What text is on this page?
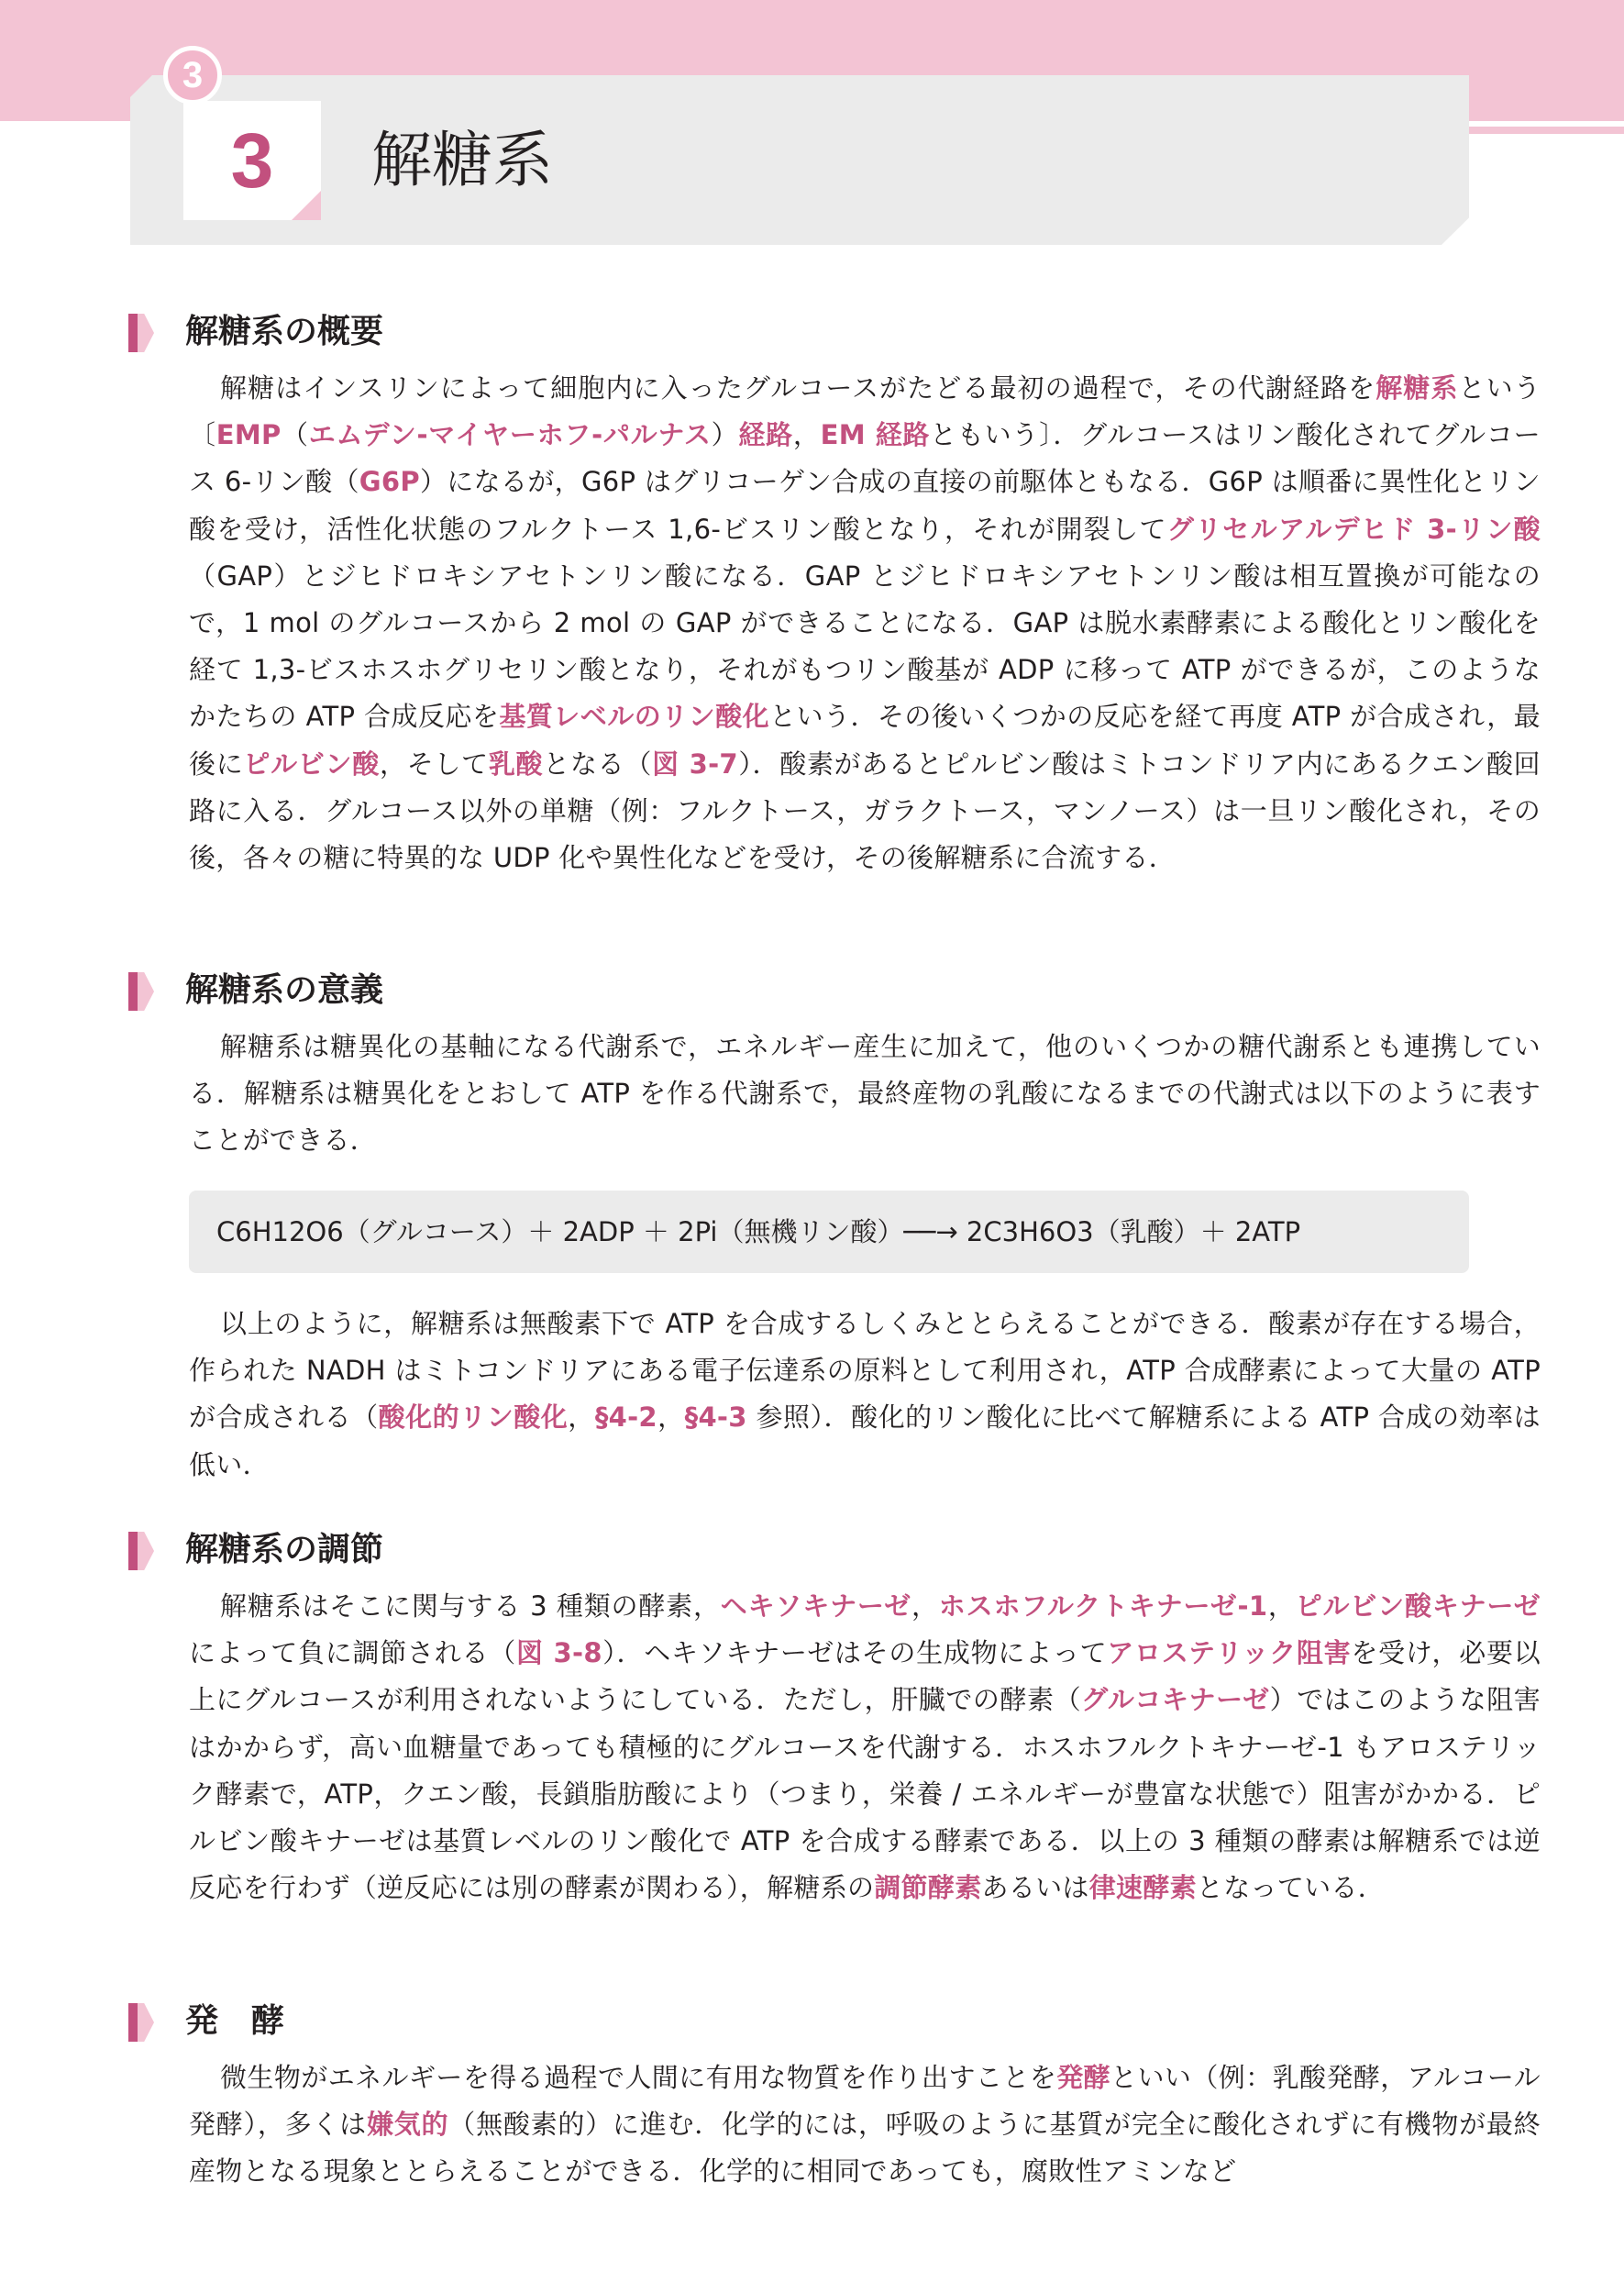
3
3	解糖系
解糖系の概要

解糖はインスリンによって細胞内に入ったグルコースがたどる最初の過程で，その代謝経路を解糖系という〔EMP（エムデン-マイヤーホフ-パルナス）経路，EM 経路ともいう〕．グルコースはリン酸化されてグルコース 6-リン酸（G6P）になるが，G6P はグリコーゲン合成の直接の前駆体ともなる．G6P は順番に異性化とリン酸を受け，活性化状態のフルクトース 1,6-ビスリン酸となり，それが開裂してグリセルアルデヒド 3-リン酸（GAP）とジヒドロキシアセトンリン酸になる．GAP とジヒドロキシアセトンリン酸は相互置換が可能なので，1 mol のグルコースから 2 mol の GAP ができることになる．GAP は脱水素酵素による酸化とリン酸化を経て 1,3-ビスホスホグリセリン酸となり，それがもつリン酸基が ADP に移って ATP ができるが，このようなかたちの ATP 合成反応を基質レベルのリン酸化という．その後いくつかの反応を経て再度 ATP が合成され，最後にピルビン酸，そして乳酸となる（図 3-7）．酸素があるとピルビン酸はミトコンドリア内にあるクエン酸回路に入る．グルコース以外の単糖（例：フルクトース，ガラクトース，マンノース）は一旦リン酸化され，その後，各々の糖に特異的な UDP 化や異性化などを受け，その後解糖系に合流する．

解糖系の意義

解糖系は糖異化の基軸になる代謝系で，エネルギー産生に加えて，他のいくつかの糖代謝系とも連携している．解糖系は糖異化をとおして ATP を作る代謝系で，最終産物の乳酸になるまでの代謝式は以下のように表すことができる．

C6H12O6（グルコース）＋ 2ADP ＋ 2Pi（無機リン酸）──→ 2C3H6O3（乳酸）＋ 2ATP

以上のように，解糖系は無酸素下で ATP を合成するしくみととらえることができる．酸素が存在する場合，作られた NADH はミトコンドリアにある電子伝達系の原料として利用され，ATP 合成酵素によって大量の ATP が合成される（酸化的リン酸化，§4-2，§4-3 参照）．酸化的リン酸化に比べて解糖系による ATP 合成の効率は低い．

解糖系の調節

解糖系はそこに関与する 3 種類の酵素，ヘキソキナーゼ，ホスホフルクトキナーゼ-1，ピルビン酸キナーゼによって負に調節される（図 3-8）．ヘキソキナーゼはその生成物によってアロステリック阻害を受け，必要以上にグルコースが利用されないようにしている．ただし，肝臓での酵素（グルコキナーゼ）ではこのような阻害はかからず，高い血糖量であっても積極的にグルコースを代謝する．ホスホフルクトキナーゼ-1 もアロステリック酵素で，ATP，クエン酸，長鎖脂肪酸により（つまり，栄養 / エネルギーが豊富な状態で）阻害がかかる．ピルビン酸キナーゼは基質レベルのリン酸化で ATP を合成する酵素である．以上の 3 種類の酵素は解糖系では逆反応を行わず（逆反応には別の酵素が関わる），解糖系の調節酵素あるいは律速酵素となっている．

発　酵

微生物がエネルギーを得る過程で人間に有用な物質を作り出すことを発酵といい（例：乳酸発酵，アルコール発酵），多くは嫌気的（無酸素的）に進む．化学的には，呼吸のように基質が完全に酸化されずに有機物が最終産物となる現象ととらえることができる．化学的に相同であっても，腐敗性アミンなど
